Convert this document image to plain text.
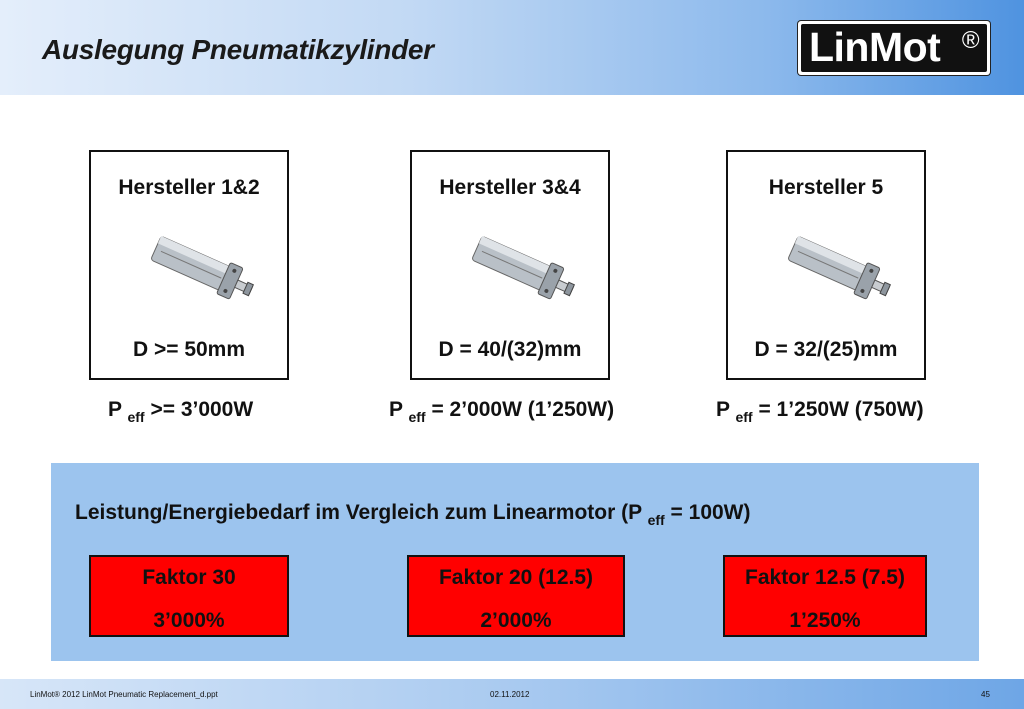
Auslegung Pneumatikzylinder	LinMot ®
Hersteller 1&2
D >= 50mm
Hersteller 3&4
D = 40/(32)mm
Hersteller 5
D = 32/(25)mm
P $_{eff}$ >= 3’000W	P $_{eff}$ = 2’000W (1’250W)	P $_{eff}$ = 1’250W (750W)
Leistung/Energiebedarf im Vergleich zum Linearmotor (P $_{eff}$ = 100W)
Faktor 30
3’000%
Faktor 20 (12.5)
2’000%
Faktor 12.5 (7.5)
1’250%
LinMot® 2012 LinMot Pneumatic Replacement_d.ppt	02.11.2012	45
